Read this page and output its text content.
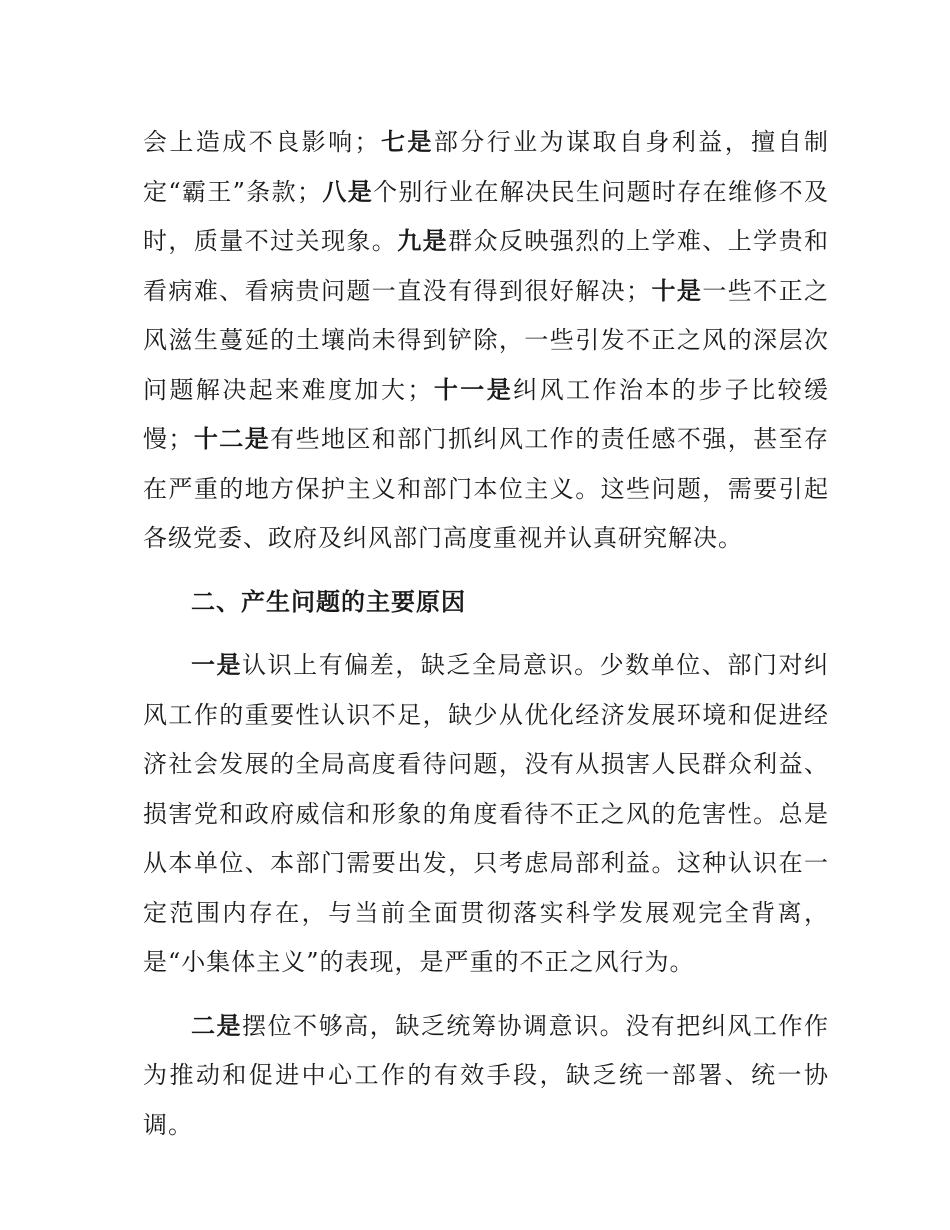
会上造成不良影响；七是部分行业为谋取自身利益，擅自制定“霸王”条款；八是个别行业在解决民生问题时存在维修不及时，质量不过关现象。九是群众反映强烈的上学难、上学贵和看病难、看病贵问题一直没有得到很好解决；十是一些不正之风滋生蔓延的土壤尚未得到铲除，一些引发不正之风的深层次问题解决起来难度加大；十一是纠风工作治本的步子比较缓慢；十二是有些地区和部门抓纠风工作的责任感不强，甚至存在严重的地方保护主义和部门本位主义。这些问题，需要引起各级党委、政府及纠风部门高度重视并认真研究解决。

二、产生问题的主要原因

一是认识上有偏差，缺乏全局意识。少数单位、部门对纠风工作的重要性认识不足，缺少从优化经济发展环境和促进经济社会发展的全局高度看待问题，没有从损害人民群众利益、损害党和政府威信和形象的角度看待不正之风的危害性。总是从本单位、本部门需要出发，只考虑局部利益。这种认识在一定范围内存在，与当前全面贯彻落实科学发展观完全背离，是“小集体主义”的表现，是严重的不正之风行为。

二是摆位不够高，缺乏统筹协调意识。没有把纠风工作作为推动和促进中心工作的有效手段，缺乏统一部署、统一协调。
